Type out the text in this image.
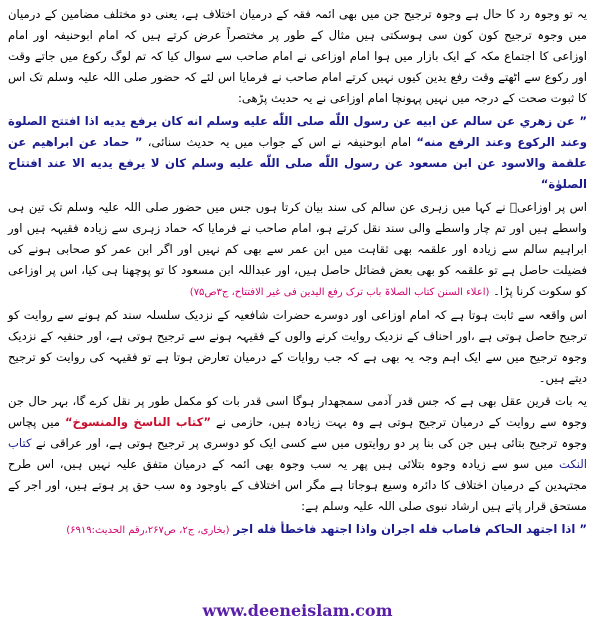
یہ تو وجوہ رد کا حال ہے وجوہ ترجیح جن میں بھی ائمہ فقہ کے درمیان اختلاف ہے، یعنی دو مختلف مضامین کے درمیان میں وجوہ ترجیح کون کون سی ہوسکتی ہیں مثال کے طور پر مختصراً عرض کرتے ہیں کہ امام ابوحنیفہ اور امام اوزاعی کا اجتماع مکہ کے ایک بازار میں ہوا امام اوزاعی نے امام صاحب سے سوال کیا کہ تم لوگ رکوع میں جاتے وقت اور رکوع سے اٹھتے وقت رفع یدین کیوں نہیں کرتے امام صاحب نے فرمایا اس لئے کہ حضور صلی اللہ علیہ وسلم تک اس کا ثبوت صحت کے درجہ میں نہیں پہونچا امام اوزاعی نے یہ حدیث پڑھی:

” عن زهري عن سالم عن ابيه عن رسول اللّٰه صلى اللّٰه عليه وسلم انه كان يرفع يديه اذا افتتح الصلوة وعند الركوع وعند الرفع منه“ امام ابوحنیفہ نے اس کے جواب میں یہ حدیث سنائی، ” حماد عن ابراهيم عن علقمة والاسود عن ابن مسعود عن رسول اللّٰه صلى اللّٰه عليه وسلم كان لا يرفع يديه الا عند افتتاح الصلوٰة“

اس پر اوزاعیؒ نے کہا میں زہری عن سالم کی سند بیان کرتا ہوں جس میں حضور صلی اللہ علیہ وسلم تک تین ہی واسطے ہیں اور تم چار واسطے والی سند نقل کرتے ہو، امام صاحب نے فرمایا کہ حماد زہری سے زیادہ فقیہہ ہیں اور ابراہیم سالم سے زیادہ اور علقمہ بھی ثقاہت میں ابن عمر سے بھی کم نہیں اور اگر ابن عمر کو صحابی ہونے کی فضیلت حاصل ہے تو علقمہ کو بھی بعض فضائل حاصل ہیں، اور عبداللہ ابن مسعود کا تو پوچھنا ہی کیا، اس پر اوزاعی کو سکوت کرنا پڑا۔ (اعلاء السنن کتاب الصلاۃ باب ترک رفع الیدین فی غیر الافتتاح، ج۳ص۷۵)

اس واقعہ سے ثابت ہوتا ہے کہ امام اوزاعی اور دوسرے حضرات شافعیہ کے نزدیک سلسلہ سند کم ہونے سے روایت کو ترجیح حاصل ہوتی ہے ،اور احناف کے نزدیک روایت کرنے والوں کے فقیہہ ہونے سے ترجیح ہوتی ہے، اور حنفیہ کے نزدیک وجوہ ترجیح میں سے ایک اہم وجہ یہ بھی ہے کہ جب روایات کے درمیان تعارض ہوتا ہے تو فقیہہ کی روایت کو ترجیح دیتے ہیں۔

یہ بات قرین عقل بھی ہے کہ جس قدر آدمی سمجھدار ہوگا اسی قدر بات کو مکمل طور پر نقل کرے گا، بہر حال جن وجوہ سے روایت کے درمیان ترجیح ہوتی ہے وہ بہت زیادہ ہیں، حازمی نے ”کتاب الناسخ والمنسوخ“ میں پچاس وجوہ ترجیح بتائی ہیں جن کی بنا پر دو روایتوں میں سے کسی ایک کو دوسری پر ترجیح ہوتی ہے، اور عراقی نے کتاب النکت میں سو سے زیادہ وجوہ بتلائی ہیں پھر یہ سب وجوہ بھی ائمہ کے درمیان متفق علیہ نہیں ہیں، اس طرح مجتہدین کے درمیان اختلاف کا دائرہ وسیع ہوجاتا ہے مگر اس اختلاف کے باوجود وہ سب حق پر ہوتے ہیں، اور اجر کے مستحق قرار پاتے ہیں ارشاد نبوی صلی اللہ علیہ وسلم ہے:

” اذا اجتهد الحاكم فاصاب فله اجران واذا اجتهد فاخطأ فله اجر (بخاری، ج۲، ص۲۶۷،رقم الحدیث:۶۹۱۹)

www.deeneislam.com
